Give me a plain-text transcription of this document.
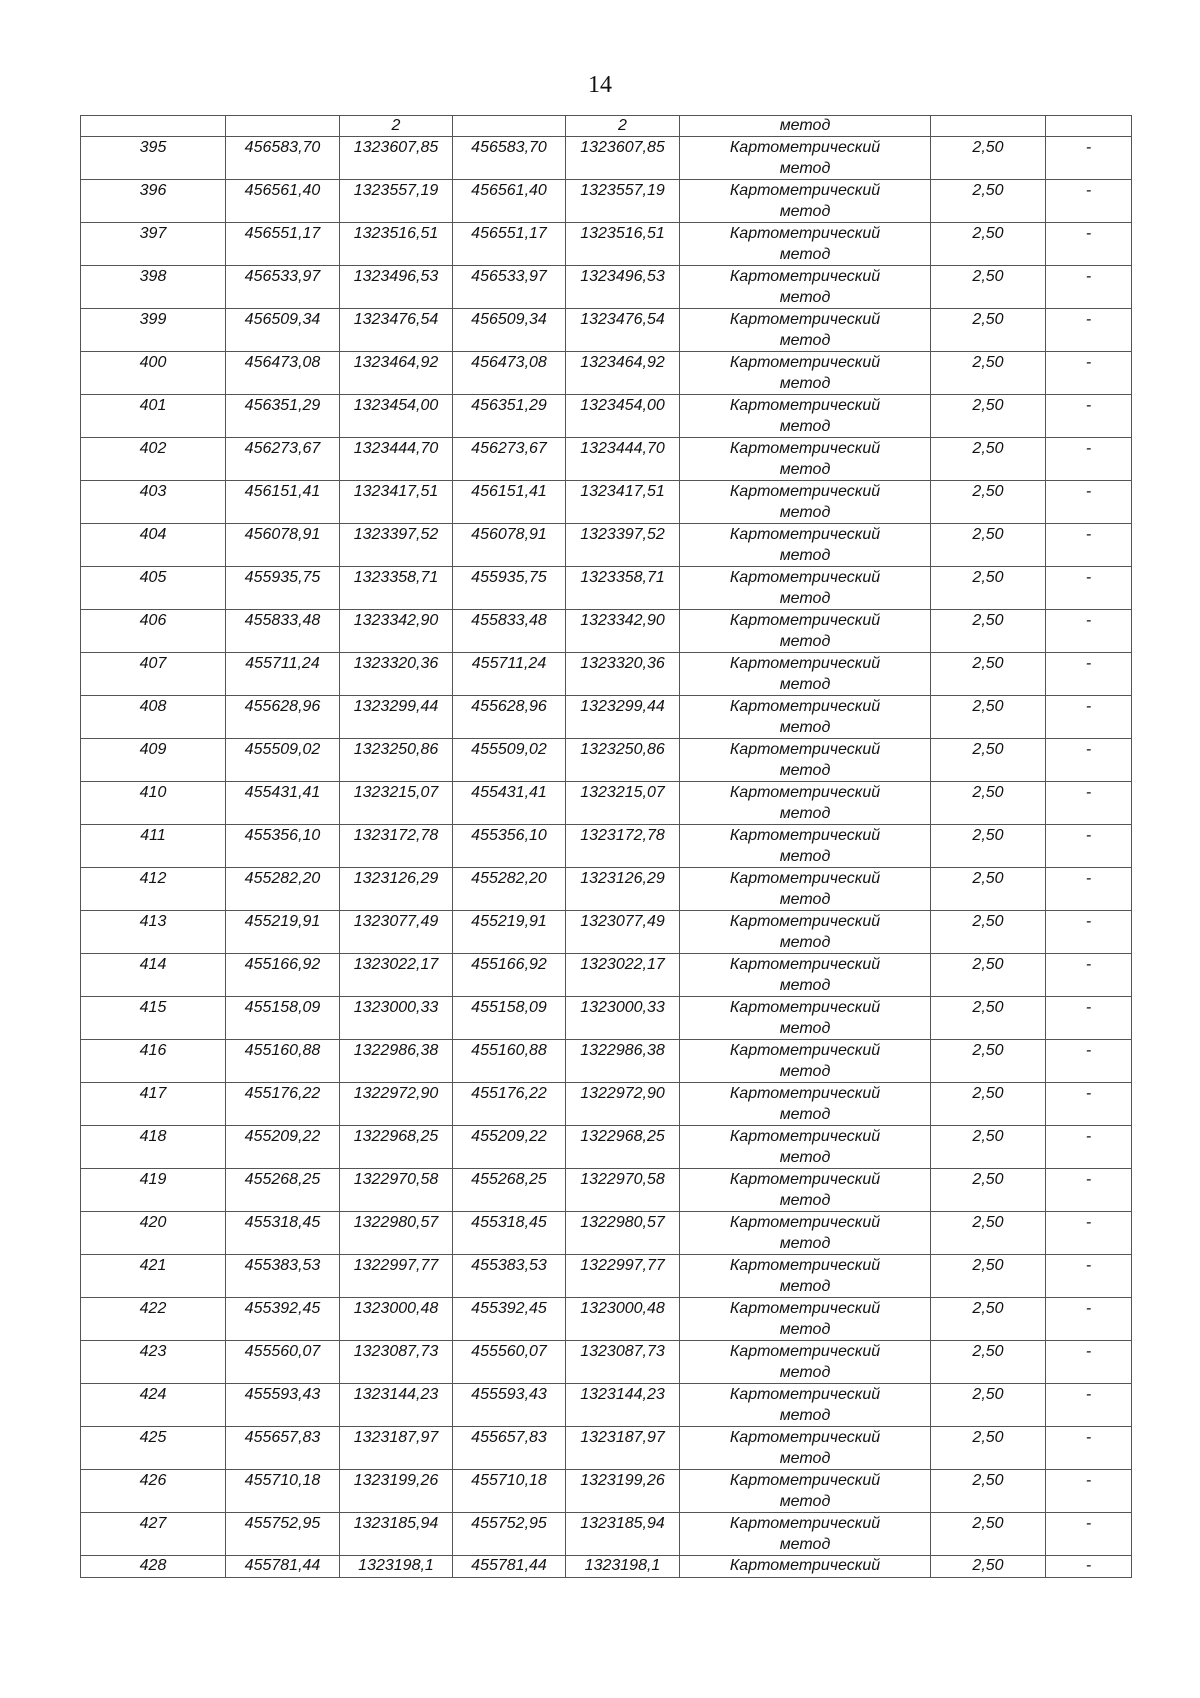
14
		2		2	метод		
395	456583,70	1323607,85	456583,70	1323607,85	Картометрический метод	2,50	-
396	456561,40	1323557,19	456561,40	1323557,19	Картометрический метод	2,50	-
397	456551,17	1323516,51	456551,17	1323516,51	Картометрический метод	2,50	-
398	456533,97	1323496,53	456533,97	1323496,53	Картометрический метод	2,50	-
399	456509,34	1323476,54	456509,34	1323476,54	Картометрический метод	2,50	-
400	456473,08	1323464,92	456473,08	1323464,92	Картометрический метод	2,50	-
401	456351,29	1323454,00	456351,29	1323454,00	Картометрический метод	2,50	-
402	456273,67	1323444,70	456273,67	1323444,70	Картометрический метод	2,50	-
403	456151,41	1323417,51	456151,41	1323417,51	Картометрический метод	2,50	-
404	456078,91	1323397,52	456078,91	1323397,52	Картометрический метод	2,50	-
405	455935,75	1323358,71	455935,75	1323358,71	Картометрический метод	2,50	-
406	455833,48	1323342,90	455833,48	1323342,90	Картометрический метод	2,50	-
407	455711,24	1323320,36	455711,24	1323320,36	Картометрический метод	2,50	-
408	455628,96	1323299,44	455628,96	1323299,44	Картометрический метод	2,50	-
409	455509,02	1323250,86	455509,02	1323250,86	Картометрический метод	2,50	-
410	455431,41	1323215,07	455431,41	1323215,07	Картометрический метод	2,50	-
411	455356,10	1323172,78	455356,10	1323172,78	Картометрический метод	2,50	-
412	455282,20	1323126,29	455282,20	1323126,29	Картометрический метод	2,50	-
413	455219,91	1323077,49	455219,91	1323077,49	Картометрический метод	2,50	-
414	455166,92	1323022,17	455166,92	1323022,17	Картометрический метод	2,50	-
415	455158,09	1323000,33	455158,09	1323000,33	Картометрический метод	2,50	-
416	455160,88	1322986,38	455160,88	1322986,38	Картометрический метод	2,50	-
417	455176,22	1322972,90	455176,22	1322972,90	Картометрический метод	2,50	-
418	455209,22	1322968,25	455209,22	1322968,25	Картометрический метод	2,50	-
419	455268,25	1322970,58	455268,25	1322970,58	Картометрический метод	2,50	-
420	455318,45	1322980,57	455318,45	1322980,57	Картометрический метод	2,50	-
421	455383,53	1322997,77	455383,53	1322997,77	Картометрический метод	2,50	-
422	455392,45	1323000,48	455392,45	1323000,48	Картометрический метод	2,50	-
423	455560,07	1323087,73	455560,07	1323087,73	Картометрический метод	2,50	-
424	455593,43	1323144,23	455593,43	1323144,23	Картометрический метод	2,50	-
425	455657,83	1323187,97	455657,83	1323187,97	Картометрический метод	2,50	-
426	455710,18	1323199,26	455710,18	1323199,26	Картометрический метод	2,50	-
427	455752,95	1323185,94	455752,95	1323185,94	Картометрический метод	2,50	-
428	455781,44	1323198,1	455781,44	1323198,1	Картометрический	2,50	-
